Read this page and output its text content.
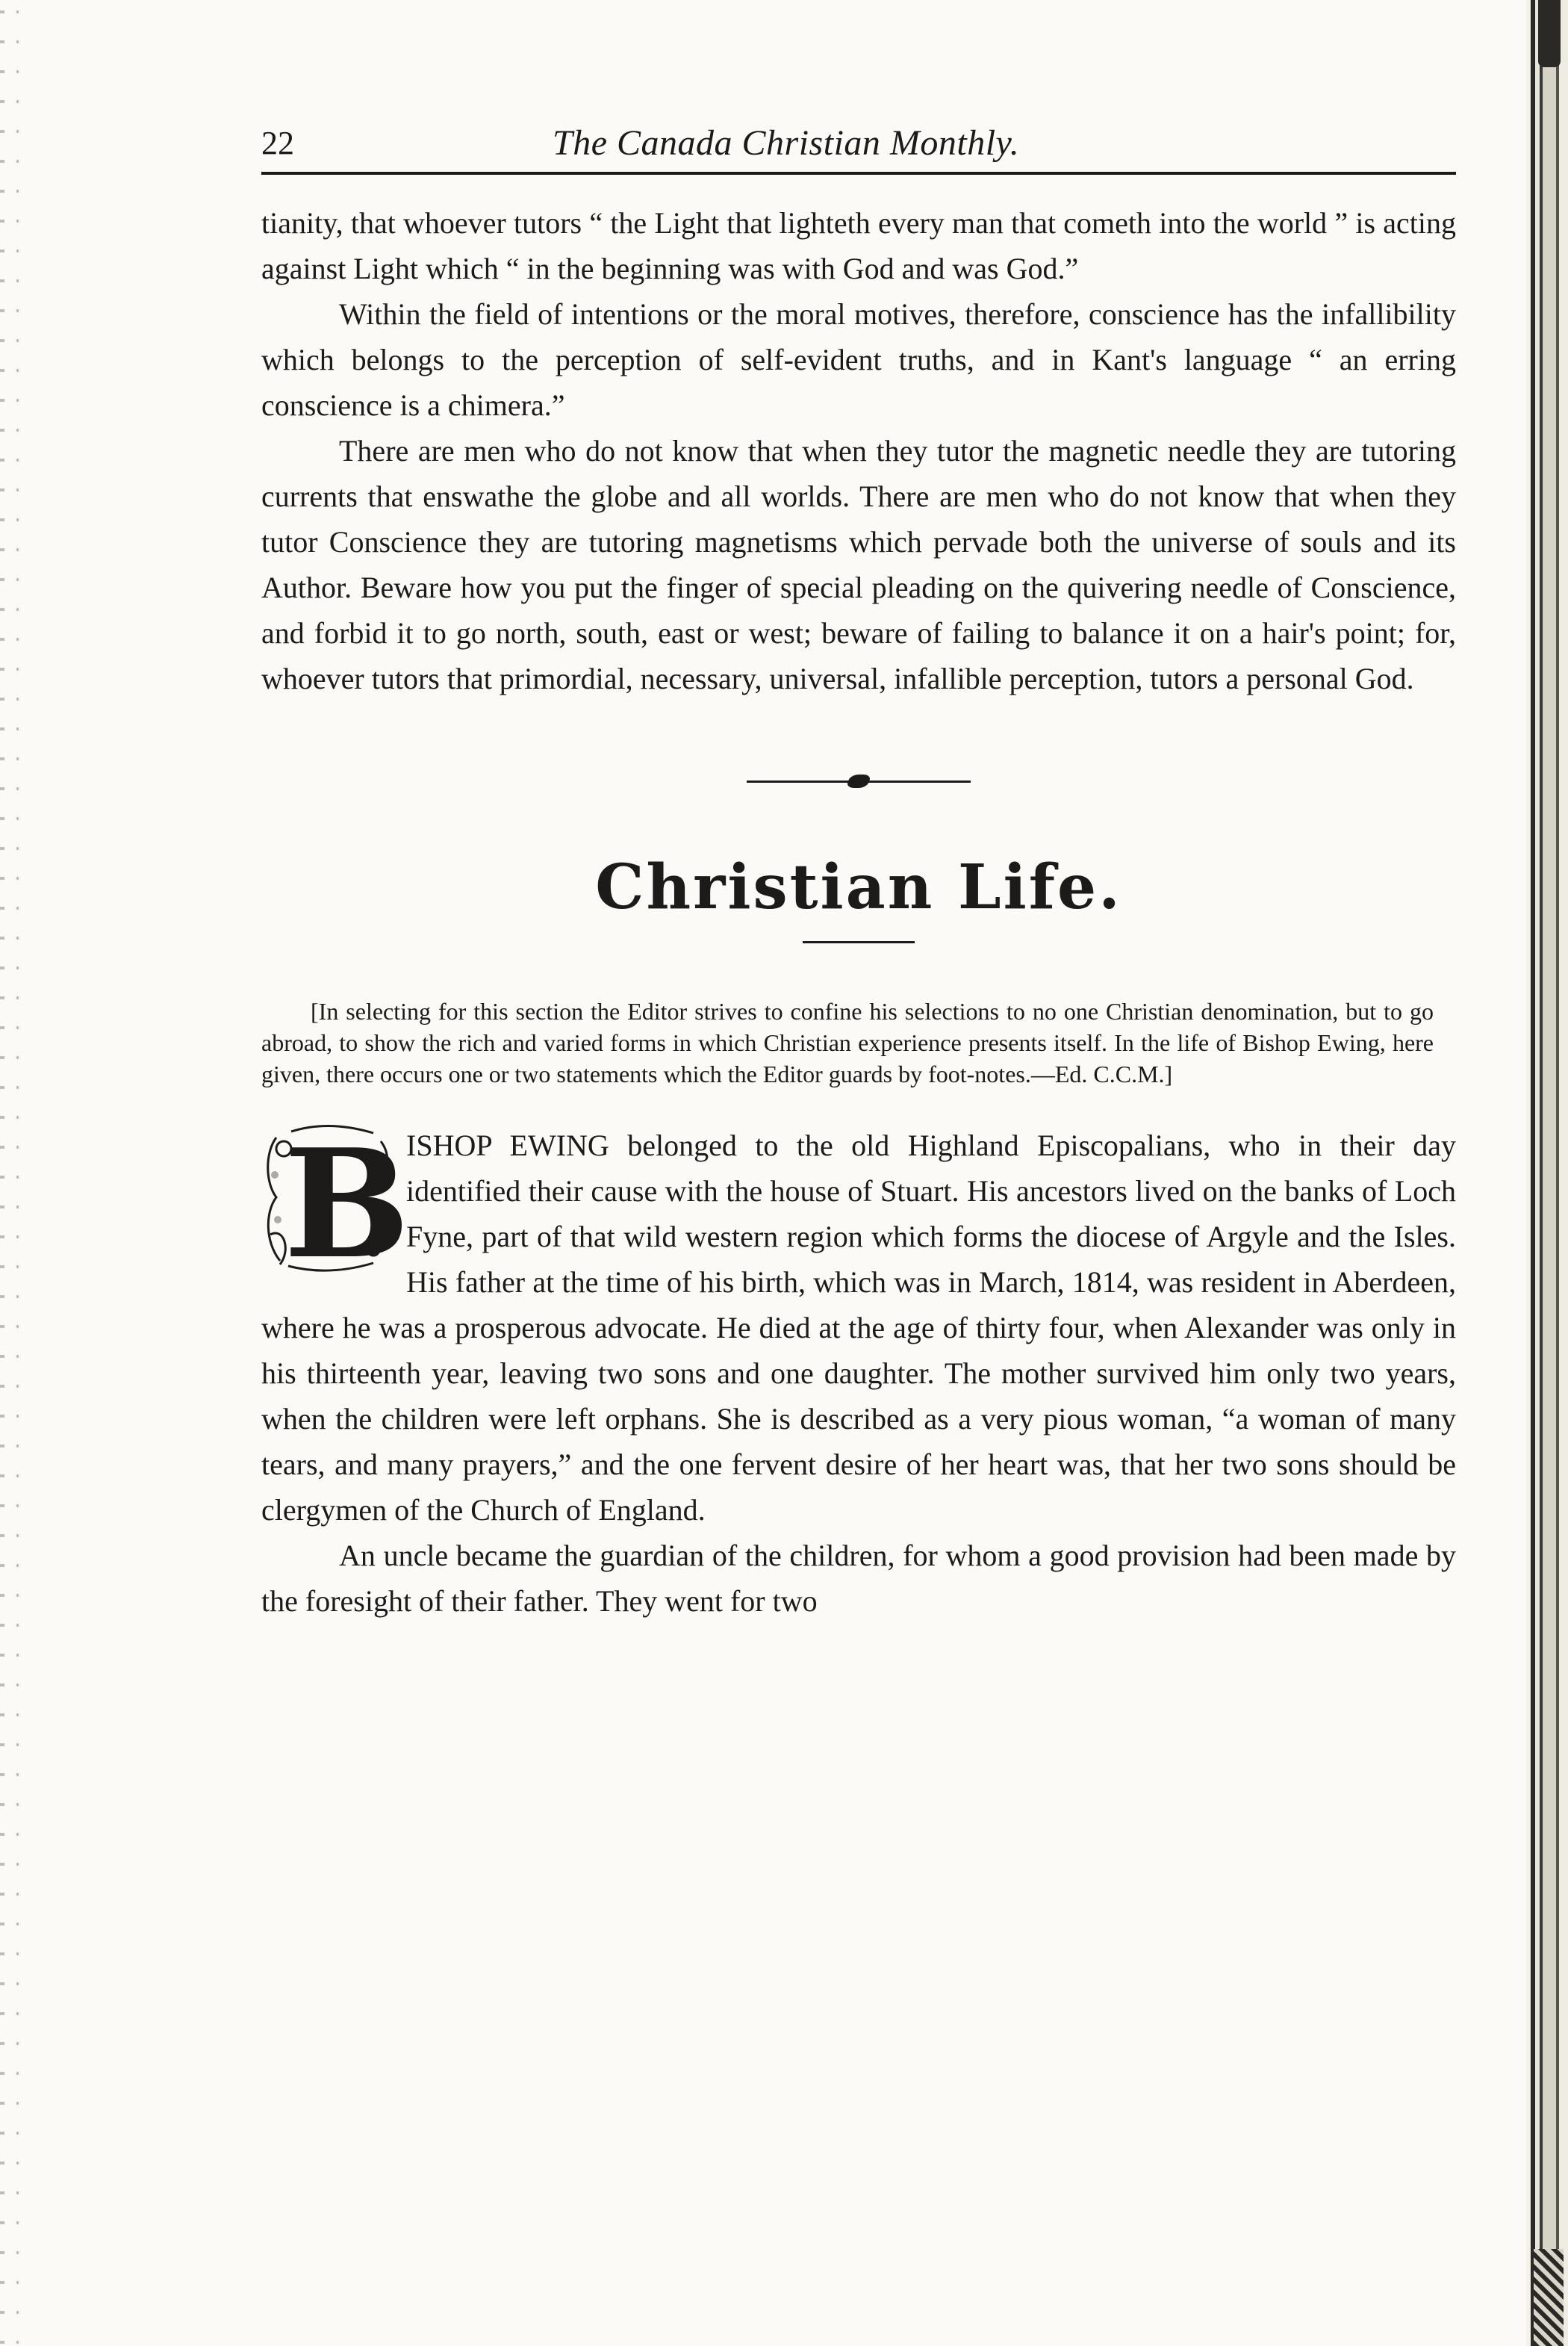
22	The Canada Christian Monthly.

tianity, that whoever tutors “ the Light that lighteth every man that cometh into the world ” is acting against Light which “ in the beginning was with God and was God.”

Within the field of intentions or the moral motives, therefore, conscience has the infallibility which belongs to the perception of self-evident truths, and in Kant's language “ an erring conscience is a chimera.”

There are men who do not know that when they tutor the magnetic needle they are tutoring currents that enswathe the globe and all worlds. There are men who do not know that when they tutor Conscience they are tutoring magnetisms which pervade both the universe of souls and its Author. Beware how you put the finger of special pleading on the quivering needle of Conscience, and forbid it to go north, south, east or west; beware of failing to balance it on a hair's point; for, whoever tutors that primordial, necessary, universal, infallible perception, tutors a personal God.

Christian Life.
[In selecting for this section the Editor strives to confine his selections to no one Christian denomination, but to go abroad, to show the rich and varied forms in which Christian experience presents itself. In the life of Bishop Ewing, here given, there occurs one or two statements which the Editor guards by foot-notes.—Ed. C.C.M.]
B

ISHOP EWING belonged to the old Highland Episcopalians, who in their day identified their cause with the house of Stuart. His ancestors lived on the banks of Loch Fyne, part of that wild western region which forms the diocese of Argyle and the Isles. His father at the time of his birth, which was in March, 1814, was resident in Aberdeen, where he was a prosperous advocate. He died at the age of thirty four, when Alexander was only in his thirteenth year, leaving two sons and one daughter. The mother survived him only two years, when the children were left orphans. She is described as a very pious woman, “a woman of many tears, and many prayers,” and the one fervent desire of her heart was, that her two sons should be clergymen of the Church of England.

An uncle became the guardian of the children, for whom a good provision had been made by the foresight of their father. They went for two
